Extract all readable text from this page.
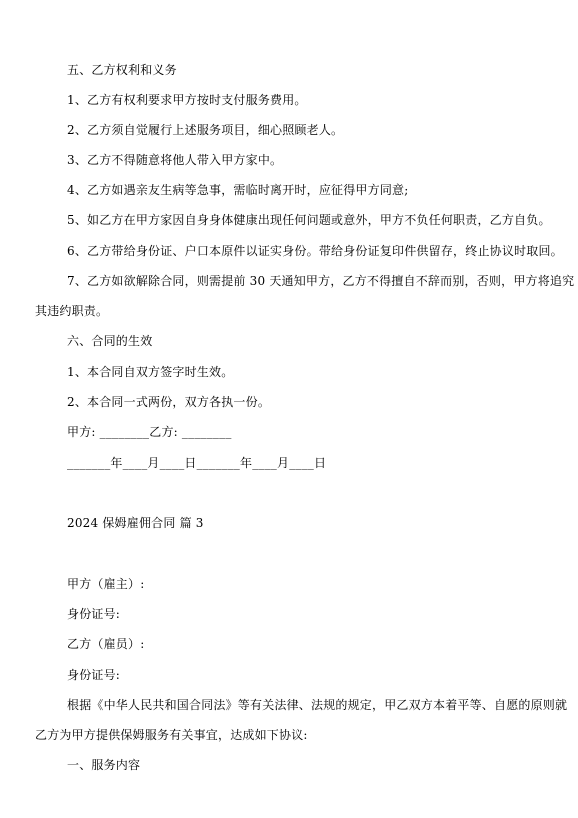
五、乙方权利和义务
1、乙方有权利要求甲方按时支付服务费用。
2、乙方须自觉履行上述服务项目，细心照顾老人。
3、乙方不得随意将他人带入甲方家中。
4、乙方如遇亲友生病等急事，需临时离开时，应征得甲方同意;
5、如乙方在甲方家因自身身体健康出现任何问题或意外，甲方不负任何职责，乙方自负。
6、乙方带给身份证、户口本原件以证实身份。带给身份证复印件供留存，终止协议时取回。
7、乙方如欲解除合同，则需提前 30 天通知甲方，乙方不得擅自不辞而别，否则，甲方将追究
其违约职责。
六、合同的生效
1、本合同自双方签字时生效。
2、本合同一式两份，双方各执一份。
甲方: ________乙方: ________
_______年____月____日_______年____月____日
2024 保姆雇佣合同 篇 3
甲方（雇主）:
身份证号:
乙方（雇员）:
身份证号:
根据《中华人民共和国合同法》等有关法律、法规的规定，甲乙双方本着平等、自愿的原则就
乙方为甲方提供保姆服务有关事宜，达成如下协议:
一、服务内容
